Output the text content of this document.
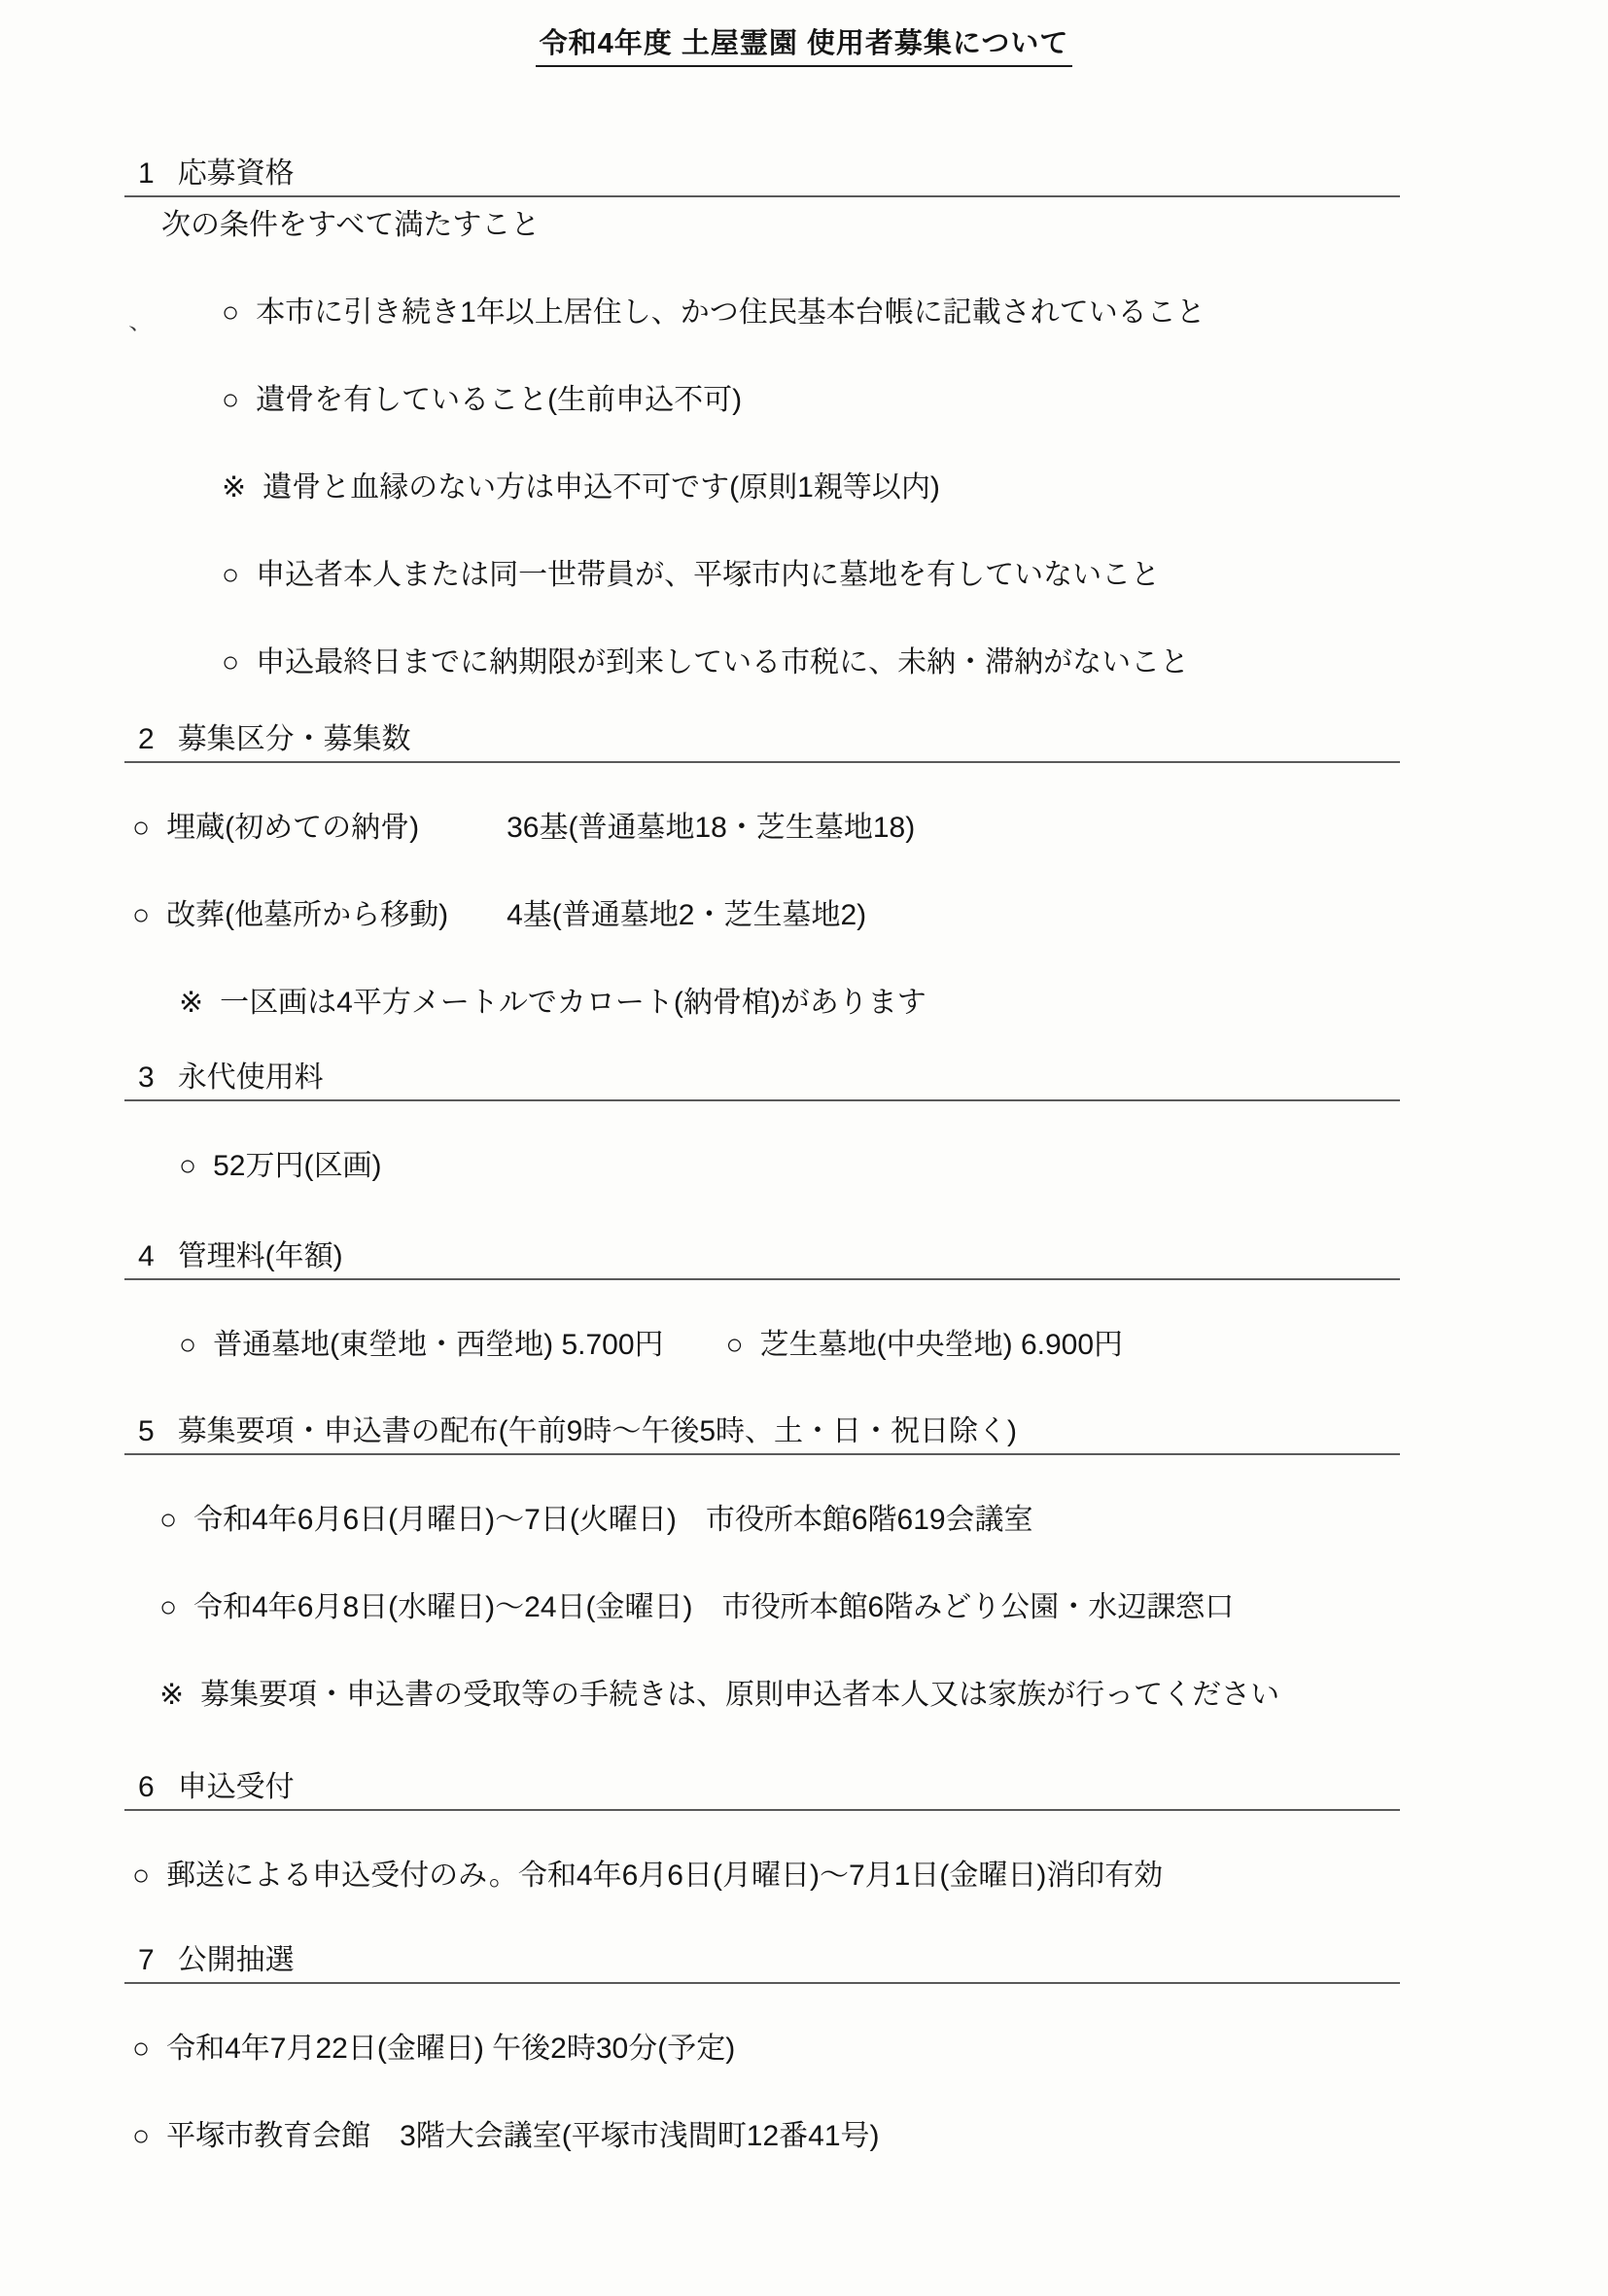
令和4年度 土屋霊園 使用者募集について
、
1 応募資格
次の条件をすべて満たすこと
○ 本市に引き続き1年以上居住し、かつ住民基本台帳に記載されていること
○ 遺骨を有していること(生前申込不可)
※ 遺骨と血縁のない方は申込不可です(原則1親等以内)
○ 申込者本人または同一世帯員が、平塚市内に墓地を有していないこと
○ 申込最終日までに納期限が到来している市税に、未納・滞納がないこと
2 募集区分・募集数
○ 埋蔵(初めての納骨)　　　36基(普通墓地18・芝生墓地18)
○ 改葬(他墓所から移動)　　4基(普通墓地2・芝生墓地2)
※ 一区画は4平方メートルでカロート(納骨棺)があります
3 永代使用料
○ 52万円(区画)
4 管理料(年額)
○ 普通墓地(東塋地・西塋地) 5.700円 ○ 芝生墓地(中央塋地) 6.900円
5 募集要項・申込書の配布(午前9時～午後5時、土・日・祝日除く)
○ 令和4年6月6日(月曜日)～7日(火曜日)　市役所本館6階619会議室
○ 令和4年6月8日(水曜日)～24日(金曜日)　市役所本館6階みどり公園・水辺課窓口
※ 募集要項・申込書の受取等の手続きは、原則申込者本人又は家族が行ってください
6 申込受付
○ 郵送による申込受付のみ。令和4年6月6日(月曜日)～7月1日(金曜日)消印有効
7 公開抽選
○ 令和4年7月22日(金曜日) 午後2時30分(予定)
○ 平塚市教育会館　3階大会議室(平塚市浅間町12番41号)
